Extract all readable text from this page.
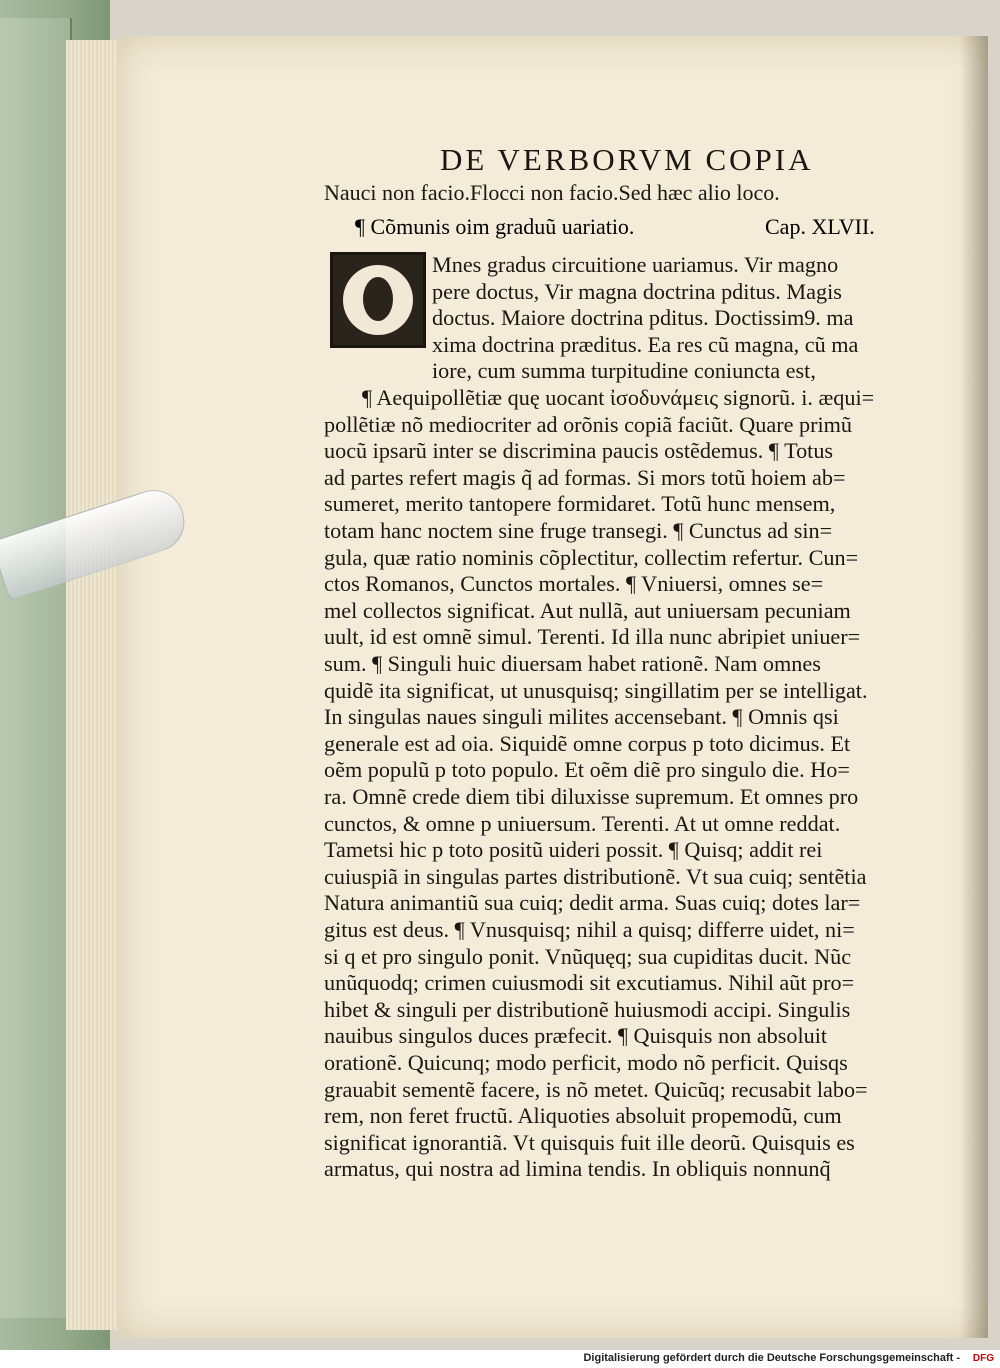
DE VERBORVM COPIA
Nauci non facio.Flocci non facio.Sed hæc alio loco.
¶ Cõmunis oim graduũ uariatio.	Cap. XLVII.
Mnes gradus circuitione uariamus. Vir magno
pere doctus, Vir magna doctrina pditus. Magis
doctus. Maiore doctrina pditus. Doctissim9. ma
xima doctrina præditus. Ea res cũ magna, cũ ma
iore, cum summa turpitudine coniuncta est,
¶ Aequipollẽtiæ quę uocant ἰσοδυνάμεις signorũ. i. æqui=
pollẽtiæ nõ mediocriter ad orõnis copiã faciũt. Quare primũ
uocũ ipsarũ inter se discrimina paucis ostẽdemus. ¶ Totus
ad partes refert magis q̃ ad formas. Si mors totũ hoiem ab=
sumeret, merito tantopere formidaret. Totũ hunc mensem,
totam hanc noctem sine fruge transegi. ¶ Cunctus ad sin=
gula, quæ ratio nominis cõplectitur, collectim refertur. Cun=
ctos Romanos, Cunctos mortales. ¶ Vniuersi, omnes se=
mel collectos significat. Aut nullã, aut uniuersam pecuniam
uult, id est omnẽ simul. Terenti. Id illa nunc abripiet uniuer=
sum. ¶ Singuli huic diuersam habet rationẽ. Nam omnes
quidẽ ita significat, ut unusquisq; singillatim per se intelligat.
In singulas naues singuli milites accensebant. ¶ Omnis qsi
generale est ad oia. Siquidẽ omne corpus p toto dicimus. Et
oẽm populũ p toto populo. Et oẽm diẽ pro singulo die. Ho=
ra. Omnẽ crede diem tibi diluxisse supremum. Et omnes pro
cunctos, & omne p uniuersum. Terenti. At ut omne reddat.
Tametsi hic p toto positũ uideri possit. ¶ Quisq; addit rei
cuiuspiã in singulas partes distributionẽ. Vt sua cuiq; sentẽtia
Natura animantiũ sua cuiq; dedit arma. Suas cuiq; dotes lar=
gitus est deus. ¶ Vnusquisq; nihil a quisq; differre uidet, ni=
si q et pro singulo ponit. Vnũquęq; sua cupiditas ducit. Nũc
unũquodq; crimen cuiusmodi sit excutiamus. Nihil aũt pro=
hibet & singuli per distributionẽ huiusmodi accipi. Singulis
nauibus singulos duces præfecit. ¶ Quisquis non absoluit
orationẽ. Quicunq; modo perficit, modo nõ perficit. Quisqs
grauabit sementẽ facere, is nõ metet. Quicũq; recusabit labo=
rem, non feret fructũ. Aliquoties absoluit propemodũ, cum
significat ignorantiã. Vt quisquis fuit ille deorũ. Quisquis es
armatus, qui nostra ad limina tendis. In obliquis nonnunq̃
Digitalisierung gefördert durch die Deutsche Forschungsgemeinschaft - DFG
